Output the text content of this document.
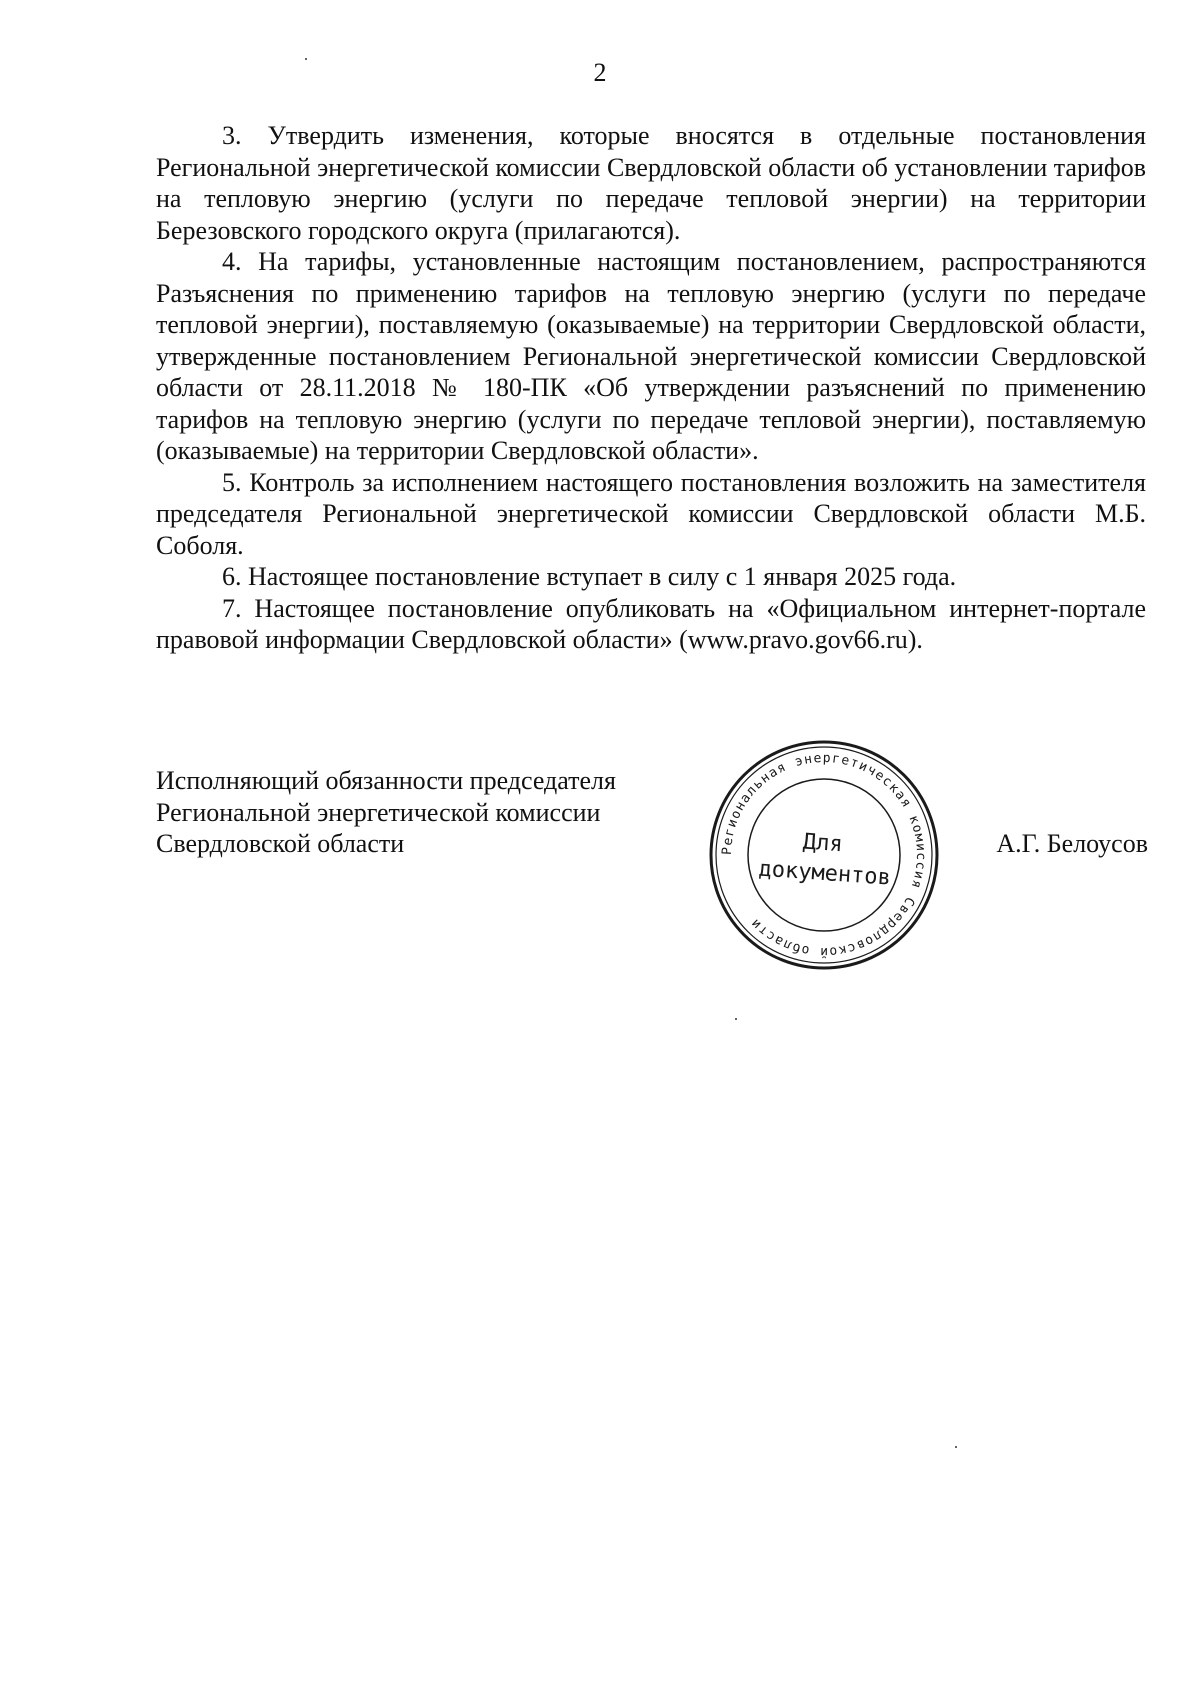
2

3. Утвердить изменения, которые вносятся в отдельные постановления Региональной энергетической комиссии Свердловской области об установлении тарифов на тепловую энергию (услуги по передаче тепловой энергии) на территории Березовского городского округа (прилагаются).

4. На тарифы, установленные настоящим постановлением, распространяются Разъяснения по применению тарифов на тепловую энергию (услуги по передаче тепловой энергии), поставляемую (оказываемые) на территории Свердловской области, утвержденные постановлением Региональной энергетической комиссии Свердловской области от 28.11.2018 № 180-ПК «Об утверждении разъяснений по применению тарифов на тепловую энергию (услуги по передаче тепловой энергии), поставляемую (оказываемые) на территории Свердловской области».

5. Контроль за исполнением настоящего постановления возложить на заместителя председателя Региональной энергетической комиссии Свердловской области М.Б. Соболя.

6. Настоящее постановление вступает в силу с 1 января 2025 года.

7. Настоящее постановление опубликовать на «Официальном интернет-портале правовой информации Свердловской области» (www.pravo.gov66.ru).

Исполняющий обязанности председателя
Региональной энергетической комиссии
Свердловской области	Региональная энергетическая комиссия Свердловской области
Для
документов
А.Г. Белоусов
